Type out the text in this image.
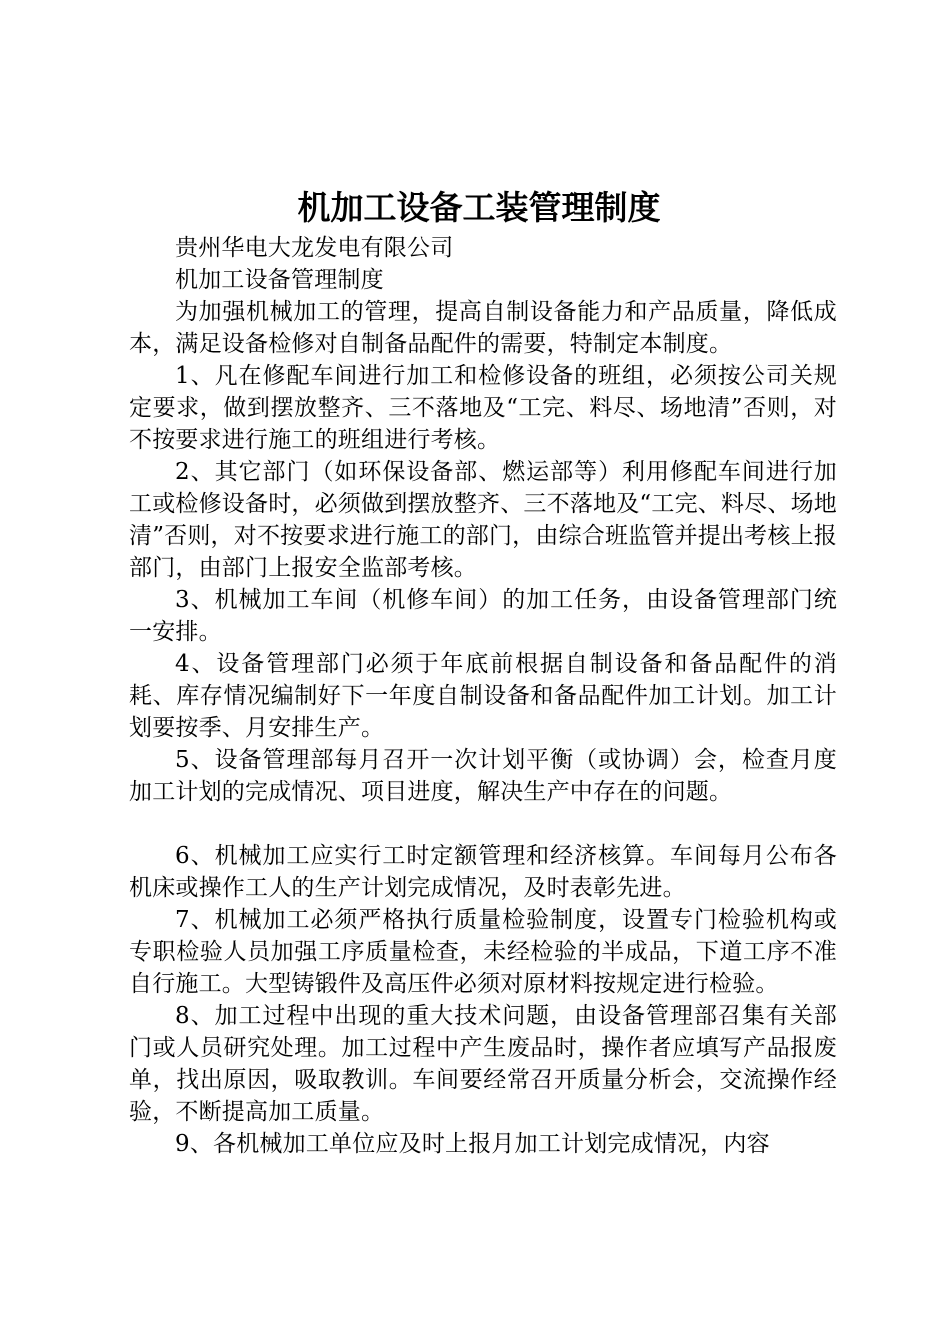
机加工设备工装管理制度

贵州华电大龙发电有限公司

机加工设备管理制度

为加强机械加工的管理，提高自制设备能力和产品质量，降低成本，满足设备检修对自制备品配件的需要，特制定本制度。

1、凡在修配车间进行加工和检修设备的班组，必须按公司关规定要求，做到摆放整齐、三不落地及“工完、料尽、场地清”否则，对不按要求进行施工的班组进行考核。

2、其它部门（如环保设备部、燃运部等）利用修配车间进行加工或检修设备时，必须做到摆放整齐、三不落地及“工完、料尽、场地清”否则，对不按要求进行施工的部门，由综合班监管并提出考核上报部门，由部门上报安全监部考核。

3、机械加工车间（机修车间）的加工任务，由设备管理部门统一安排。

4、设备管理部门必须于年底前根据自制设备和备品配件的消耗、库存情况编制好下一年度自制设备和备品配件加工计划。加工计划要按季、月安排生产。

5、设备管理部每月召开一次计划平衡（或协调）会，检查月度加工计划的完成情况、项目进度，解决生产中存在的问题。

6、机械加工应实行工时定额管理和经济核算。车间每月公布各机床或操作工人的生产计划完成情况，及时表彰先进。

7、机械加工必须严格执行质量检验制度，设置专门检验机构或专职检验人员加强工序质量检查，未经检验的半成品，下道工序不准自行施工。大型铸锻件及高压件必须对原材料按规定进行检验。

8、加工过程中出现的重大技术问题，由设备管理部召集有关部门或人员研究处理。加工过程中产生废品时，操作者应填写产品报废单，找出原因，吸取教训。车间要经常召开质量分析会，交流操作经验，不断提高加工质量。

9、各机械加工单位应及时上报月加工计划完成情况，内容
